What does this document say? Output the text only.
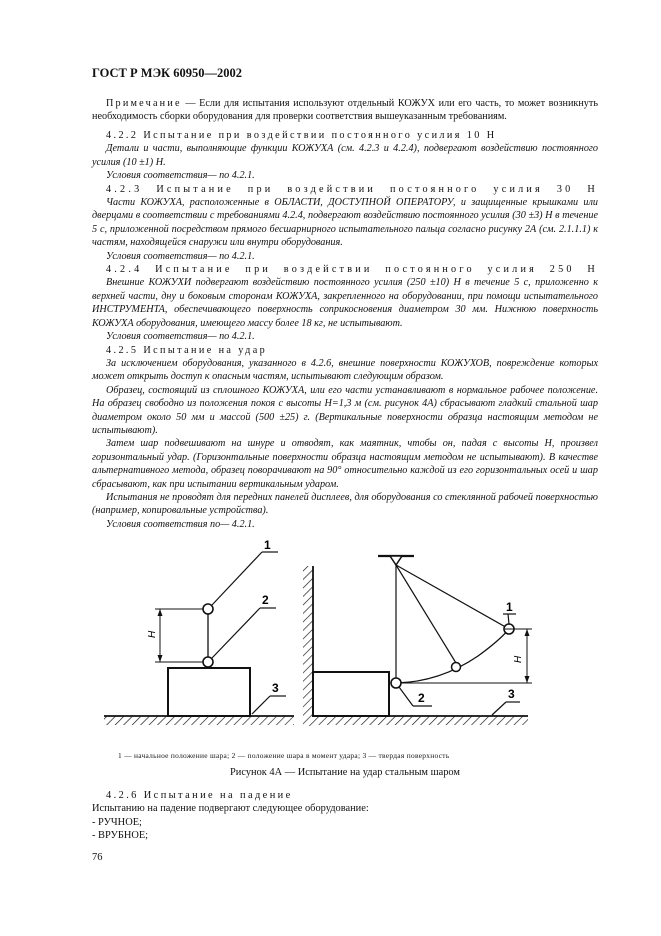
ГОСТ Р МЭК 60950—2002

Примечание — Если для испытания используют отдельный КОЖУХ или его часть, то может возникнуть необходимость сборки оборудования для проверки соответствия вышеуказанным требованиям.

4.2.2 Испытание при воздействии постоянного усилия 10 Н

Детали и части, выполняющие функции КОЖУХА (см. 4.2.3 и 4.2.4), подвергают воздействию постоянного усилия (10 ±1) Н.

Условия соответствия— по 4.2.1.

4.2.3 Испытание при воздействии постоянного усилия 30 Н

Части КОЖУХА, расположенные в ОБЛАСТИ, ДОСТУПНОЙ ОПЕРАТОРУ, и защищенные крышками или дверцами в соответствии с требованиями 4.2.4, подвергают воздействию постоянного усилия (30 ±3) Н в течение 5 с, приложенной посредством прямого бесшарнирного испытательного пальца согласно рисунку 2А (см. 2.1.1.1) к частям, находящейся снаружи или внутри оборудования.

Условия соответствия— по 4.2.1.

4.2.4 Испытание при воздействии постоянного усилия 250 Н

Внешние КОЖУХИ подвергают воздействию постоянного усилия (250 ±10) Н в течение 5 с, приложенно к верхней части, дну и боковым сторонам КОЖУХА, закрепленного на оборудовании, при помощи испытательного ИНСТРУМЕНТА, обеспечивающего поверхность соприкосновения диаметром 30 мм. Нижнюю поверхность КОЖУХА оборудования, имеющего массу более 18 кг, не испытывают.

Условия соответствия— по 4.2.1.

4.2.5 Испытание на удар

За исключением оборудования, указанного в 4.2.6, внешние поверхности КОЖУХОВ, повреждение которых может открыть доступ к опасным частям, испытывают следующим образом.

Образец, состоящий из сплошного КОЖУХА, или его части устанавливают в нормальное рабочее положение. На образец свободно из положения покоя с высоты H=1,3 м (см. рисунок 4А) сбрасывают гладкий стальной шар диаметром около 50 мм и массой (500 ±25) г. (Вертикальные поверхности образца настоящим методом не испытывают).

Затем шар подвешивают на шнуре и отводят, как маятник, чтобы он, падая с высоты H, произвел горизонтальный удар. (Горизонтальные поверхности образца настоящим методом не испытывают). В качестве альтернативного метода, образец поворачивают на 90° относительно каждой из его горизонтальных осей и шар сбрасывают, как при испытании вертикальным ударом.

Испытания не проводят для передних панелей дисплеев, для оборудования со стеклянной рабочей поверхностью (например, копировальные устройства).

Условия соответствия по— 4.2.1.

H
1
2
3
H
1
2	3
1 — начальное положение шара; 2 — положение шара в момент удара; 3 — твердая поверхность
Рисунок 4А — Испытание на удар стальным шаром

4.2.6 Испытание на падение

Испытанию на падение подвергают следующее оборудование:

- РУЧНОЕ;

- ВРУБНОЕ;

76
